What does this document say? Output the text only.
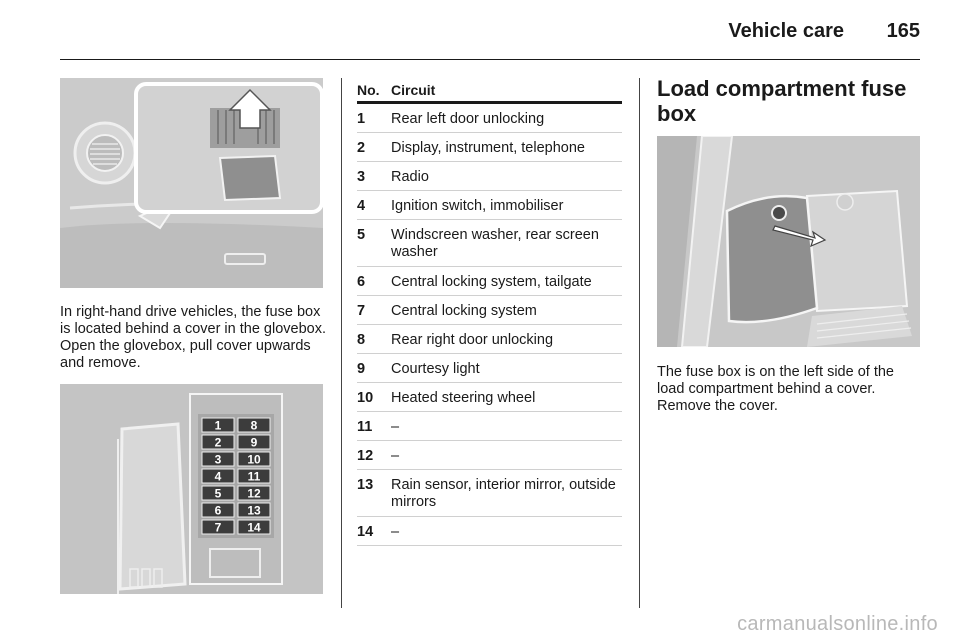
Vehicle care 165
In right-hand drive vehicles, the fuse box is located behind a cover in the glovebox. Open the glovebox, pull cover upwards and remove.
1 8
2 9
3 10
4 11
5 12
6 13
7 14
No. Circuit
1 Rear left door unlocking
2 Display, instrument, telephone
3 Radio
4 Ignition switch, immobiliser
5 Windscreen washer, rear screen washer
6 Central locking system, tailgate
7 Central locking system
8 Rear right door unlocking
9 Courtesy light
10 Heated steering wheel
11 –
12 –
13 Rain sensor, interior mirror, outside mirrors
14 –
Load compartment fuse box
The fuse box is on the left side of the load compartment behind a cover. Remove the cover.
carmanualsonline.info
